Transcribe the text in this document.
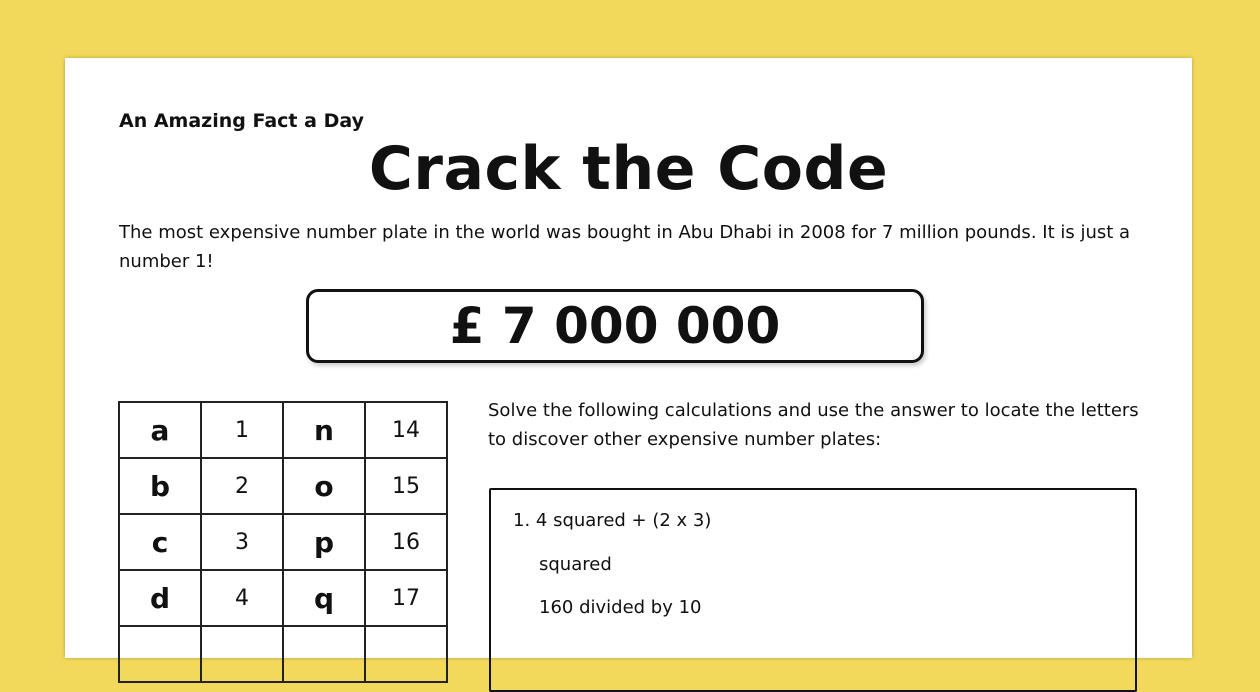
An Amazing Fact a Day
Crack the Code
The most expensive number plate in the world was bought in Abu Dhabi in 2008 for 7 million pounds. It is just a number 1!
£ 7 000 000
a	1	n	14
b	2	o	15
c	3	p	16
d	4	q	17

Solve the following calculations and use the answer to locate the letters to discover other expensive number plates:
1. 4 squared + (2 x 3)
squared
160 divided by 10
